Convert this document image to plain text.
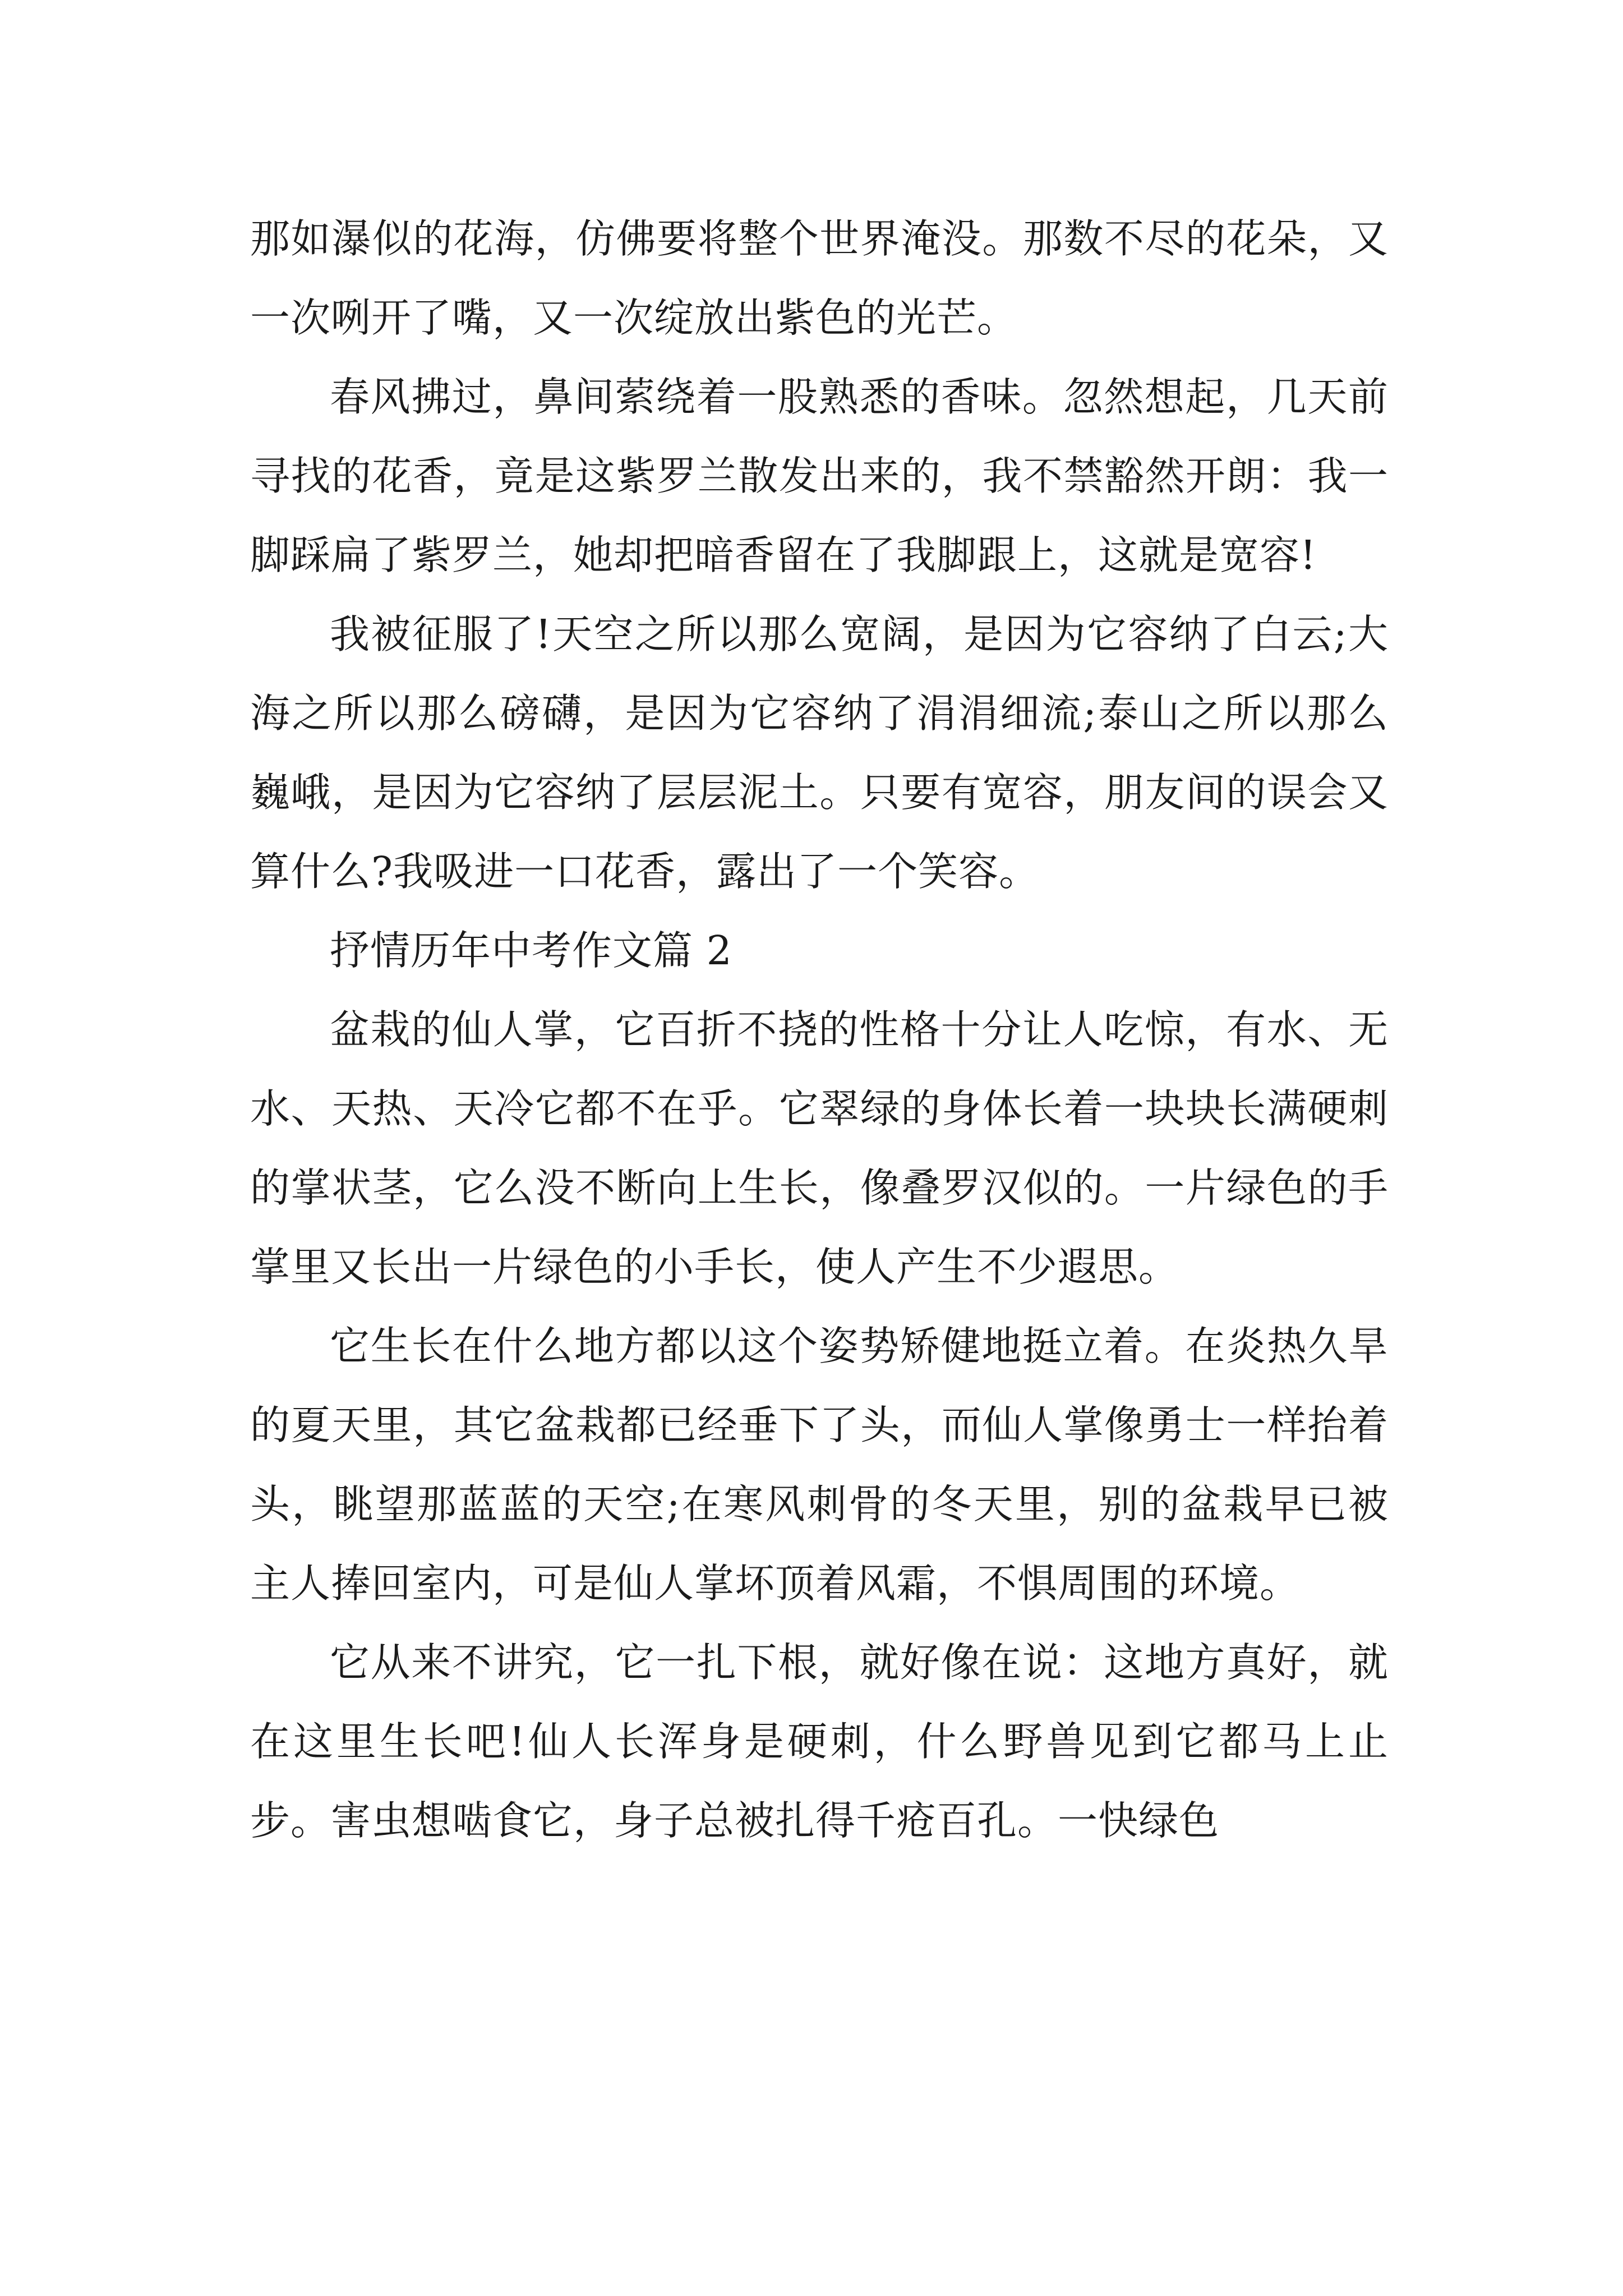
那如瀑似的花海，仿佛要将整个世界淹没。那数不尽的花朵，又一次咧开了嘴，又一次绽放出紫色的光芒。

春风拂过，鼻间萦绕着一股熟悉的香味。忽然想起，几天前寻找的花香，竟是这紫罗兰散发出来的，我不禁豁然开朗：我一脚踩扁了紫罗兰，她却把暗香留在了我脚跟上，这就是宽容!

我被征服了!天空之所以那么宽阔，是因为它容纳了白云;大海之所以那么磅礴，是因为它容纳了涓涓细流;泰山之所以那么巍峨，是因为它容纳了层层泥土。只要有宽容，朋友间的误会又算什么?我吸进一口花香，露出了一个笑容。

抒情历年中考作文篇 2

盆栽的仙人掌，它百折不挠的性格十分让人吃惊，有水、无水、天热、天冷它都不在乎。它翠绿的身体长着一块块长满硬刺的掌状茎，它么没不断向上生长，像叠罗汉似的。一片绿色的手掌里又长出一片绿色的小手长，使人产生不少遐思。

它生长在什么地方都以这个姿势矫健地挺立着。在炎热久旱的夏天里，其它盆栽都已经垂下了头，而仙人掌像勇士一样抬着头，眺望那蓝蓝的天空;在寒风刺骨的冬天里，别的盆栽早已被主人捧回室内，可是仙人掌坏顶着风霜，不惧周围的环境。

它从来不讲究，它一扎下根，就好像在说：这地方真好，就在这里生长吧!仙人长浑身是硬刺，什么野兽见到它都马上止步。害虫想啮食它，身子总被扎得千疮百孔。一快绿色
